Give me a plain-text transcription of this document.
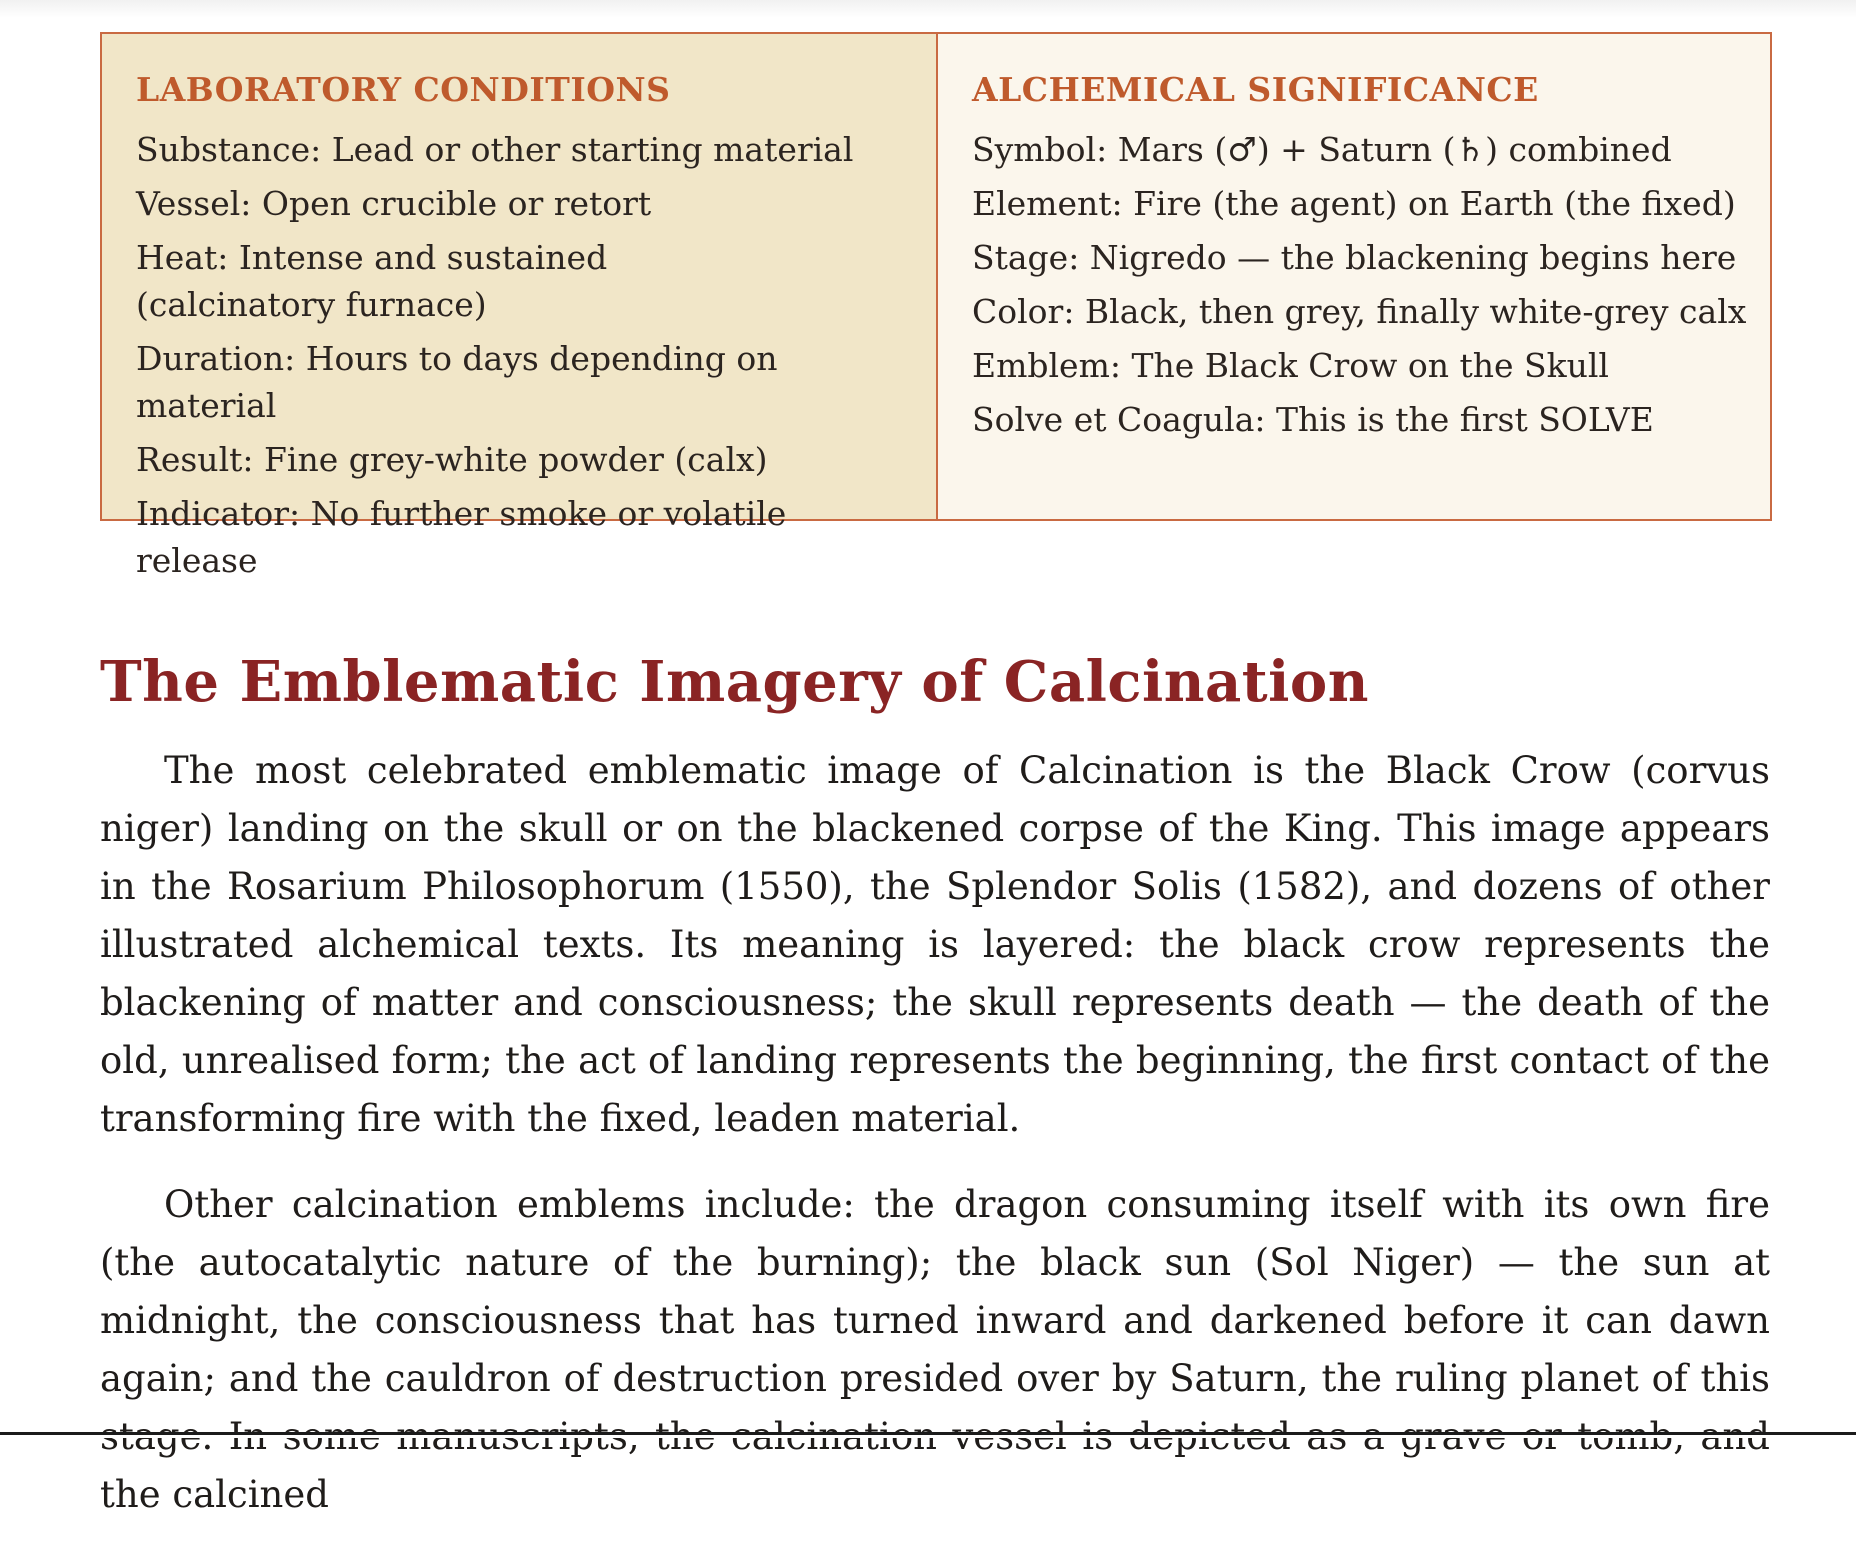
LABORATORY CONDITIONS
Substance: Lead or other starting material
Vessel: Open crucible or retort
Heat: Intense and sustained (calcinatory furnace)
Duration: Hours to days depending on material
Result: Fine grey-white powder (calx)
Indicator: No further smoke or volatile release
ALCHEMICAL SIGNIFICANCE
Symbol: Mars (♂) + Saturn (♄) combined
Element: Fire (the agent) on Earth (the fixed)
Stage: Nigredo — the blackening begins here
Color: Black, then grey, finally white-grey calx
Emblem: The Black Crow on the Skull
Solve et Coagula: This is the first SOLVE
The Emblematic Imagery of Calcination

The most celebrated emblematic image of Calcination is the Black Crow (corvus niger) landing on the skull or on the blackened corpse of the King. This image appears in the Rosarium Philosophorum (1550), the Splendor Solis (1582), and dozens of other illustrated alchemical texts. Its meaning is layered: the black crow represents the blackening of matter and consciousness; the skull represents death — the death of the old, unrealised form; the act of landing represents the beginning, the first contact of the transforming fire with the fixed, leaden material.

Other calcination emblems include: the dragon consuming itself with its own fire (the autocatalytic nature of the burning); the black sun (Sol Niger) — the sun at midnight, the consciousness that has turned inward and darkened before it can dawn again; and the cauldron of destruction presided over by Saturn, the ruling planet of this the calcined
